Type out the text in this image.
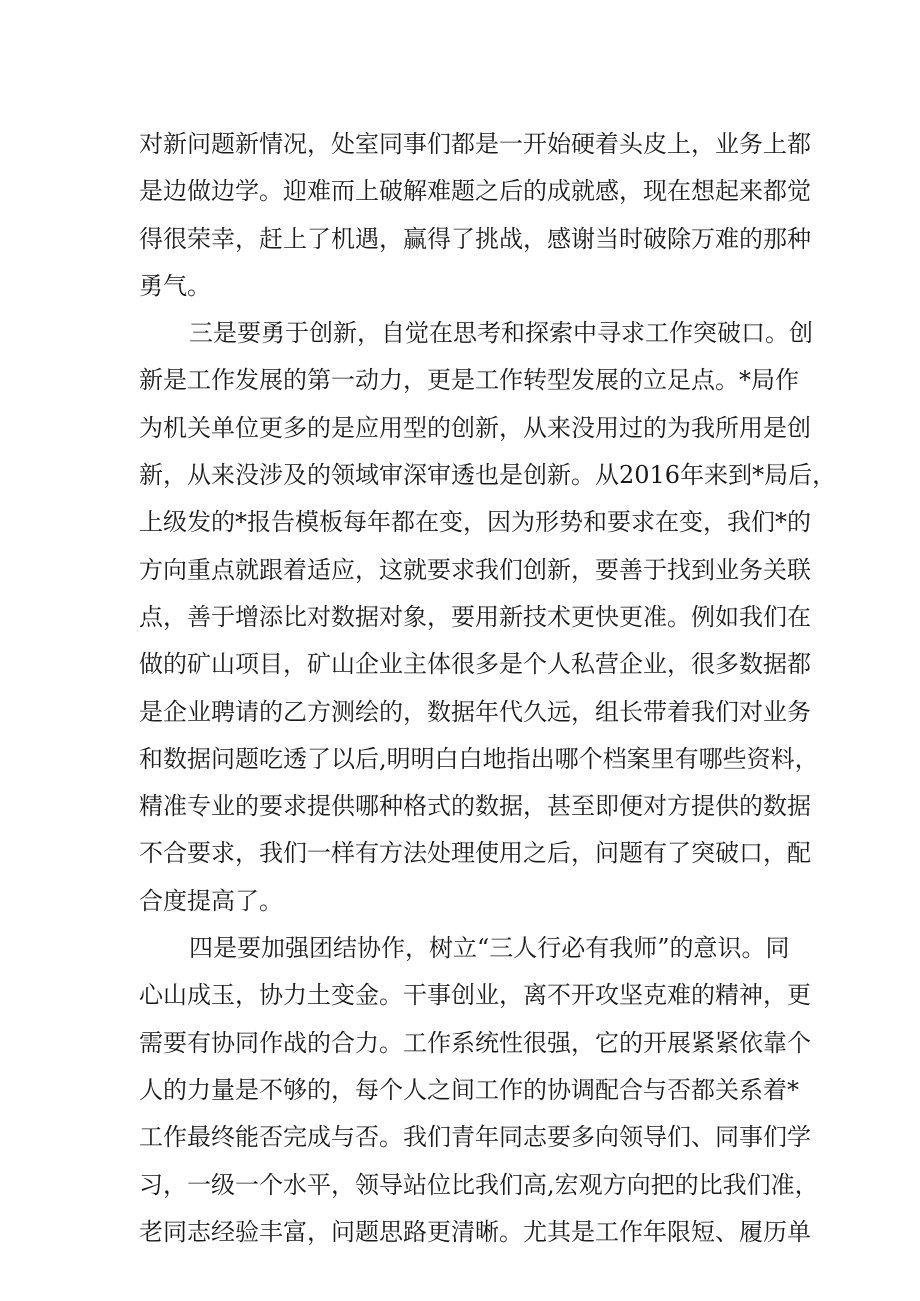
对新问题新情况，处室同事们都是一开始硬着头皮上，业务上都
是边做边学。迎难而上破解难题之后的成就感，现在想起来都觉
得很荣幸，赶上了机遇，赢得了挑战，感谢当时破除万难的那种
勇气。
三是要勇于创新，自觉在思考和探索中寻求工作突破口。创
新是工作发展的第一动力，更是工作转型发展的立足点。*局作
为机关单位更多的是应用型的创新，从来没用过的为我所用是创
新，从来没涉及的领域审深审透也是创新。从2016年来到*局后，
上级发的*报告模板每年都在变，因为形势和要求在变，我们*的
方向重点就跟着适应，这就要求我们创新，要善于找到业务关联
点，善于增添比对数据对象，要用新技术更快更准。例如我们在
做的矿山项目，矿山企业主体很多是个人私营企业，很多数据都
是企业聘请的乙方测绘的，数据年代久远，组长带着我们对业务
和数据问题吃透了以后,明明白白地指出哪个档案里有哪些资料，
精准专业的要求提供哪种格式的数据，甚至即便对方提供的数据
不合要求，我们一样有方法处理使用之后，问题有了突破口，配
合度提高了。
四是要加强团结协作，树立“三人行必有我师”的意识。同
心山成玉，协力土变金。干事创业，离不开攻坚克难的精神，更
需要有协同作战的合力。工作系统性很强，它的开展紧紧依靠个
人的力量是不够的，每个人之间工作的协调配合与否都关系着*
工作最终能否完成与否。我们青年同志要多向领导们、同事们学
习，一级一个水平，领导站位比我们高,宏观方向把的比我们准，
老同志经验丰富，问题思路更清晰。尤其是工作年限短、履历单
